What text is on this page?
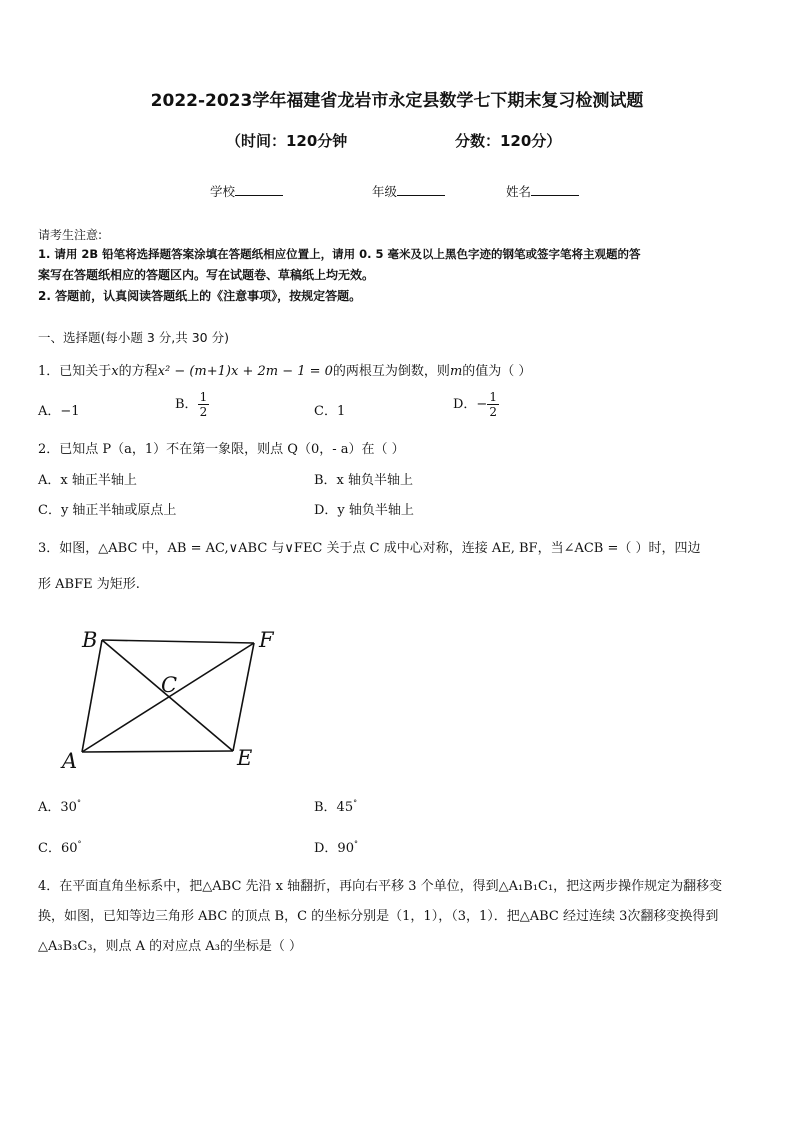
2022-2023学年福建省龙岩市永定县数学七下期末复习检测试题
（时间：120分钟	分数：120分）
学校	年级	姓名
请考生注意:
1. 请用 2B 铅笔将选择题答案涂填在答题纸相应位置上，请用 0. 5 毫米及以上黑色字迹的钢笔或签字笔将主观题的答
案写在答题纸相应的答题区内。写在试题卷、草稿纸上均无效。
2. 答题前，认真阅读答题纸上的《注意事项》，按规定答题。
一、选择题(每小题 3 分,共 30 分)
1．已知关于x的方程x² − (m+1)x + 2m − 1 = 0的两根互为倒数，则m的值为（ ）
A．−1	B． $\frac{1}{2}$	C．1	D．− $\frac{1}{2}$
2．已知点 P（a，1）不在第一象限，则点 Q（0，- a）在（ ）
A．x 轴正半轴上	B．x 轴负半轴上
C．y 轴正半轴或原点上	D．y 轴负半轴上
3．如图，△ABC 中，AB = AC,∨ABC 与∨FEC 关于点 C 成中心对称，连接 AE, BF，当∠ACB =（ ）时，四边
形 ABFE 为矩形.
B	F
C
A	E
A．30°	B．45°
C．60°	D．90°
4．在平面直角坐标系中，把△ABC 先沿 x 轴翻折，再向右平移 3 个单位，得到△A₁B₁C₁，把这两步操作规定为翻移变
换，如图，已知等边三角形 ABC 的顶点 B，C 的坐标分别是（1，1），（3，1）．把△ABC 经过连续 3次翻移变换得到
△A₃B₃C₃，则点 A 的对应点 A₃的坐标是（ ）
